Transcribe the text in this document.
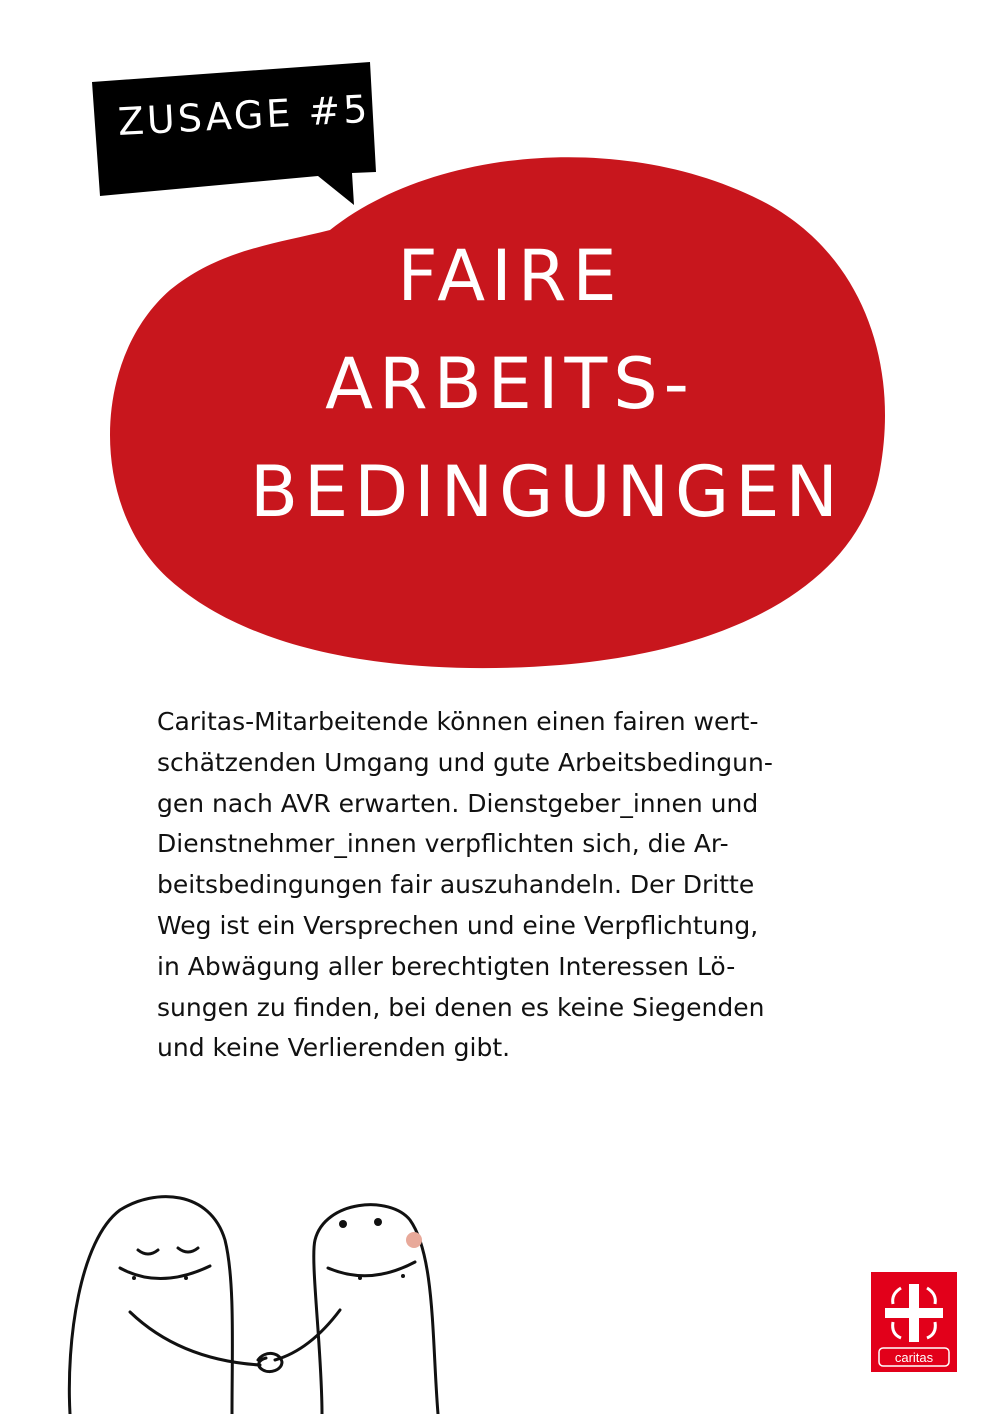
ZUSAGE #5
FAIRE
ARBEITS-
BEDINGUNGEN
Caritas-Mitarbeitende können einen fairen wert-
schätzenden Umgang und gute Arbeitsbedingun-
gen nach AVR erwarten. Dienstgeber_innen und
Dienstnehmer_innen verpflichten sich, die Ar-
beitsbedingungen fair auszuhandeln. Der Dritte
Weg ist ein Versprechen und eine Verpflichtung,
in Abwägung aller berechtigten Interessen Lö-
sungen zu finden, bei denen es keine Siegenden
und keine Verlierenden gibt.
caritas
